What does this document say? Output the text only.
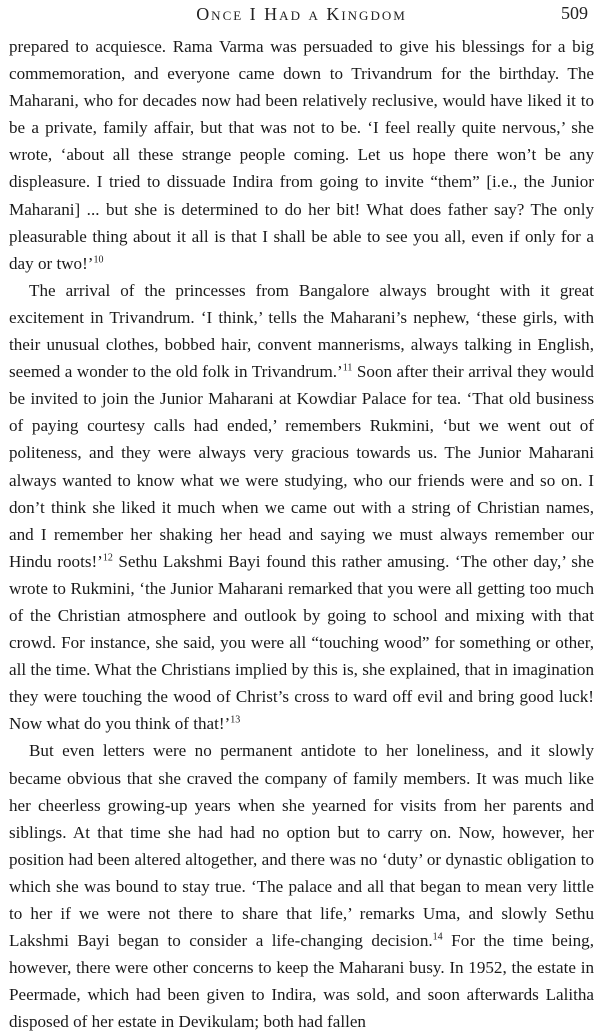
Once I Had a Kingdom	509

prepared to acquiesce. Rama Varma was persuaded to give his blessings for a big commemoration, and everyone came down to Trivandrum for the birthday. The Maharani, who for decades now had been relatively reclusive, would have liked it to be a private, family affair, but that was not to be. ‘I feel really quite nervous,’ she wrote, ‘about all these strange people coming. Let us hope there won’t be any displeasure. I tried to dissuade Indira from going to invite “them” [i.e., the Junior Maharani] ... but she is determined to do her bit! What does father say? The only pleasurable thing about it all is that I shall be able to see you all, even if only for a day or two!’$^{10}$

The arrival of the princesses from Bangalore always brought with it great excitement in Trivandrum. ‘I think,’ tells the Maharani’s nephew, ‘these girls, with their unusual clothes, bobbed hair, convent mannerisms, always talking in English, seemed a wonder to the old folk in Trivandrum.’$^{11}$ Soon after their arrival they would be invited to join the Junior Maharani at Kowdiar Palace for tea. ‘That old business of paying courtesy calls had ended,’ remembers Rukmini, ‘but we went out of politeness, and they were always very gracious towards us. The Junior Maharani always wanted to know what we were studying, who our friends were and so on. I don’t think she liked it much when we came out with a string of Christian names, and I remember her shaking her head and saying we must always remember our Hindu roots!’$^{12}$ Sethu Lakshmi Bayi found this rather amusing. ‘The other day,’ she wrote to Rukmini, ‘the Junior Maharani remarked that you were all getting too much of the Christian atmosphere and outlook by going to school and mixing with that crowd. For instance, she said, you were all “touching wood” for something or other, all the time. What the Christians implied by this is, she explained, that in imagination they were touching the wood of Christ’s cross to ward off evil and bring good luck! Now what do you think of that!’$^{13}$

But even letters were no permanent antidote to her loneliness, and it slowly became obvious that she craved the company of family members. It was much like her cheerless growing-up years when she yearned for visits from her parents and siblings. At that time she had had no option but to carry on. Now, however, her position had been altered altogether, and there was no ‘duty’ or dynastic obligation to which she was bound to stay true. ‘The palace and all that began to mean very little to her if we were not there to share that life,’ remarks Uma, and slowly Sethu Lakshmi Bayi began to consider a life-changing decision.$^{14}$ For the time being, however, there were other concerns to keep the Maharani busy. In 1952, the estate in Peermade, which had been given to Indira, was sold, and soon afterwards Lalitha disposed of her estate in Devikulam; both had fallen
